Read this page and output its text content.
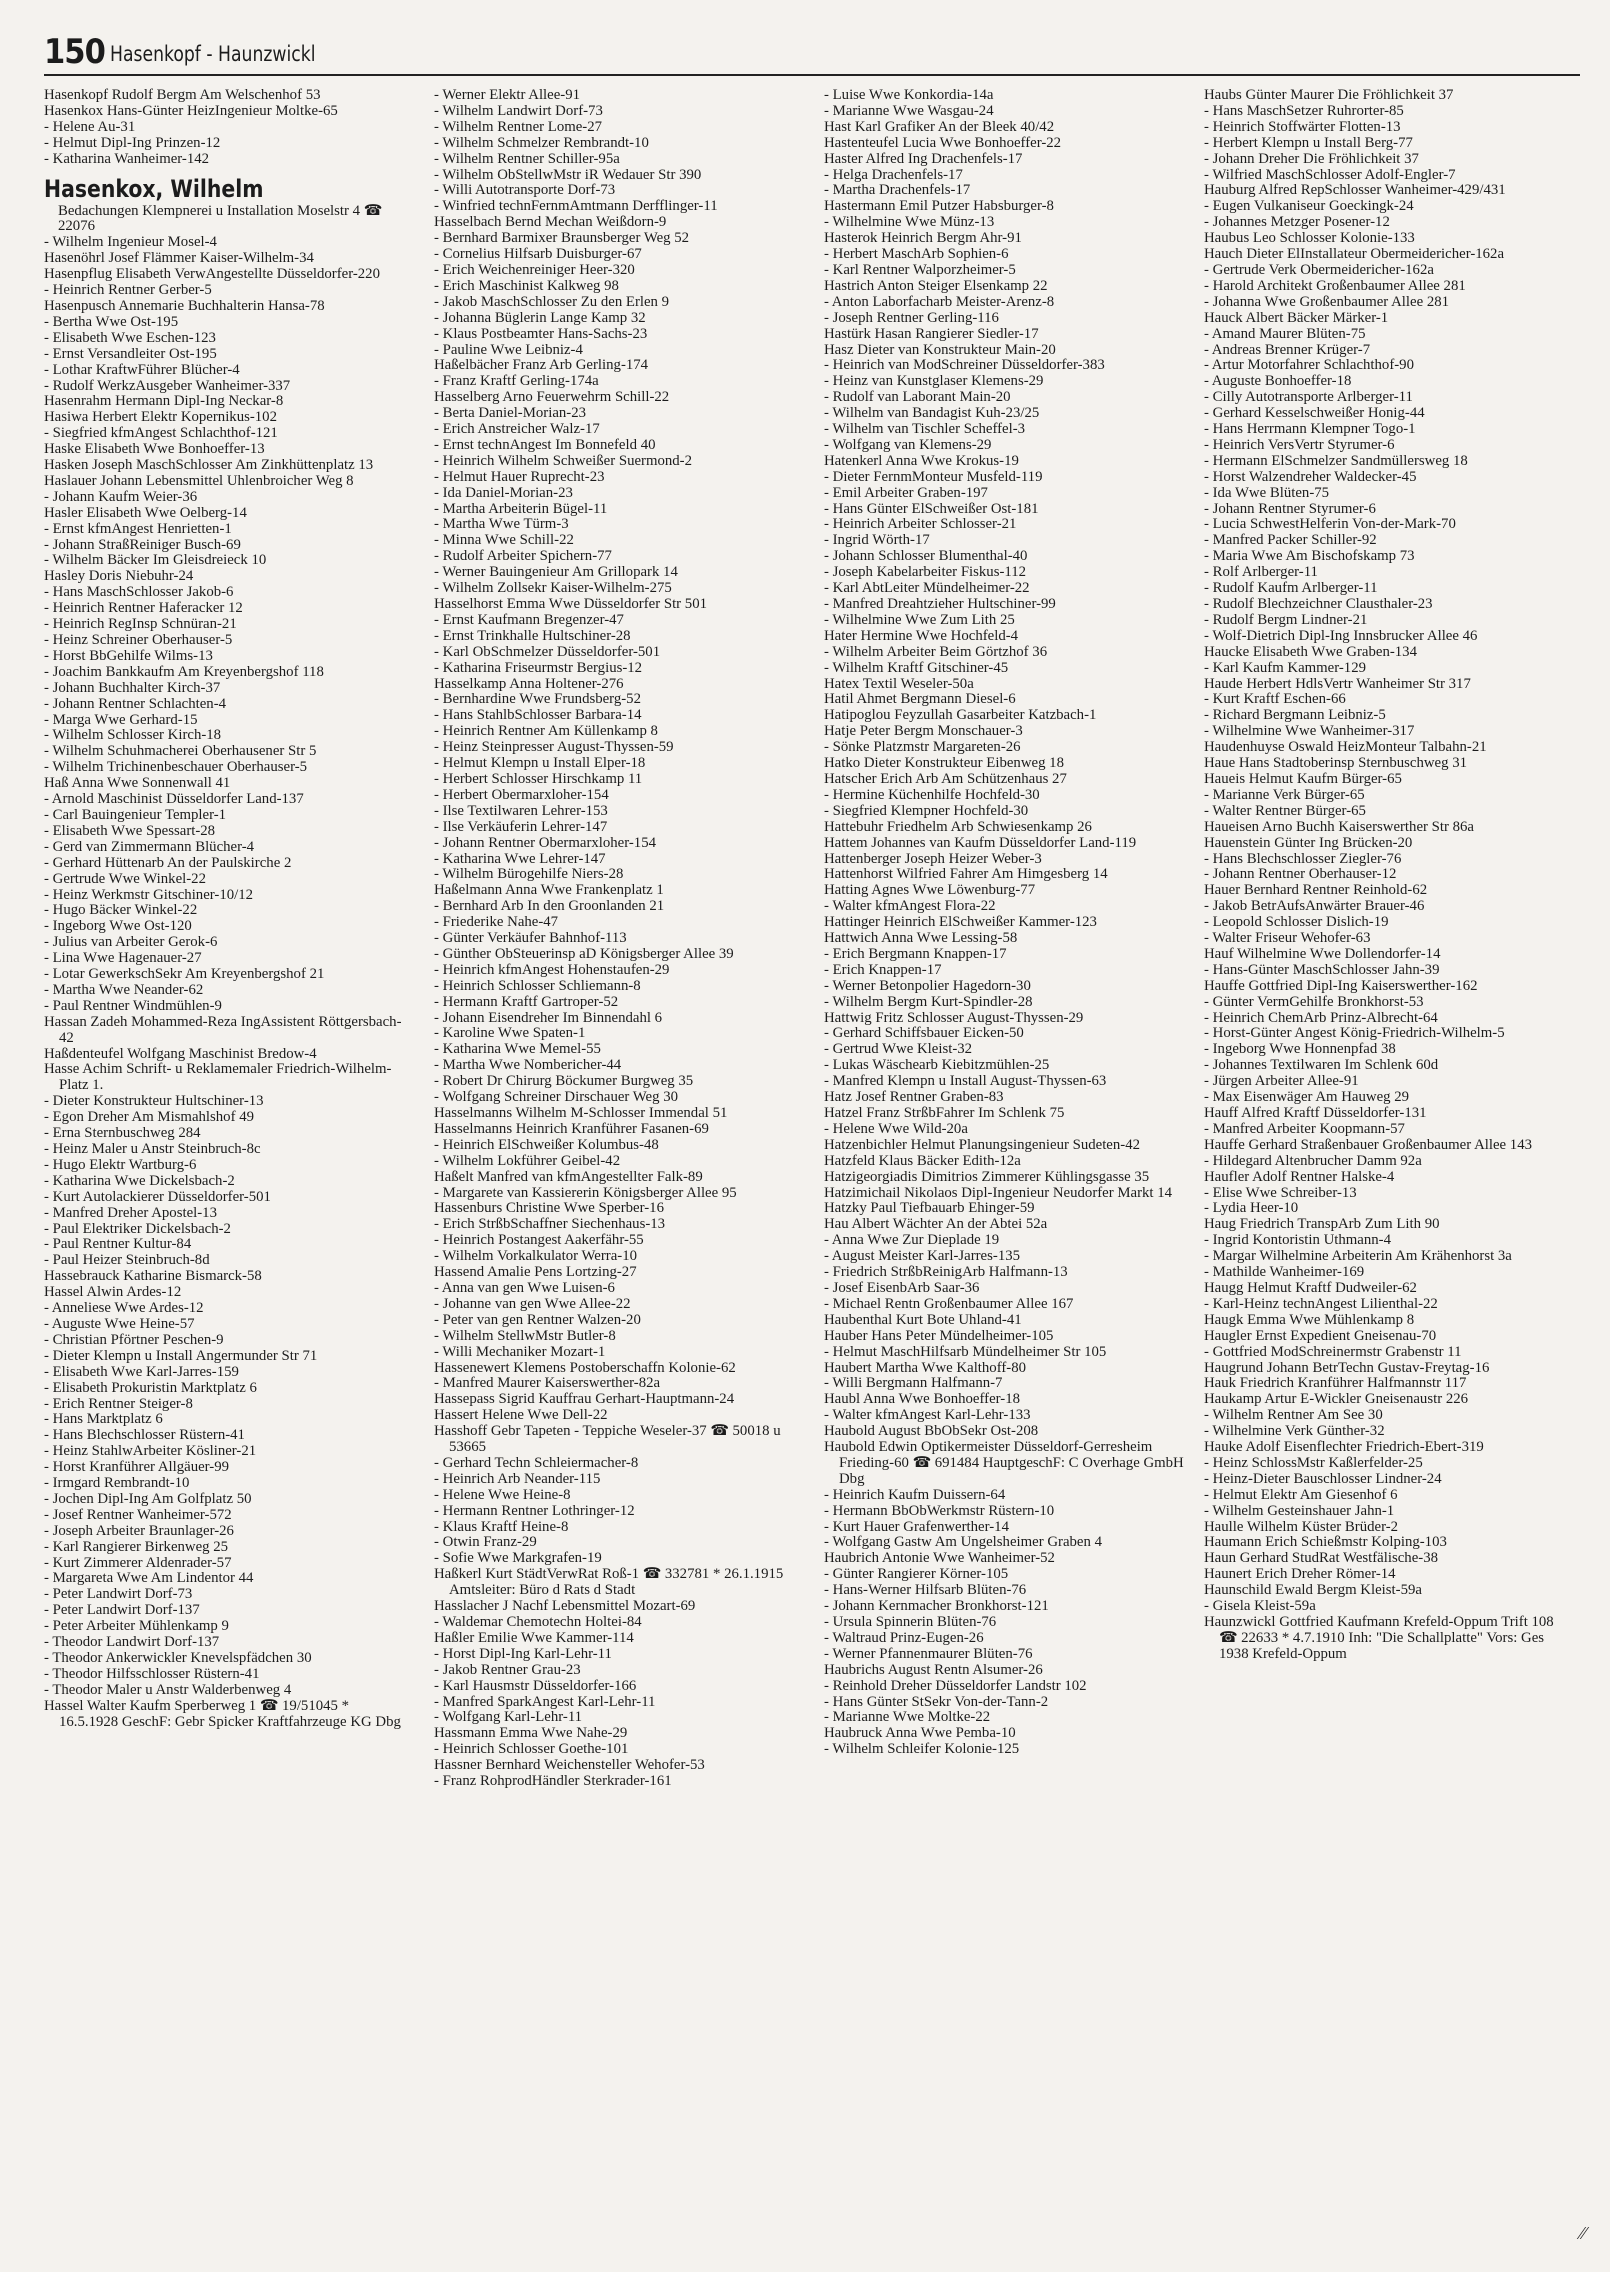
150 Hasenkopf - Haunzwickl
Hasenkopf Rudolf Bergm Am Welschenhof 53
Hasenkox Hans-Günter HeizIngenieur Moltke-65
- Helene Au-31
- Helmut Dipl-Ing Prinzen-12
- Katharina Wanheimer-142
Hasenkox, Wilhelm
Bedachungen Klempnerei u Installation Moselstr 4 ☎ 22076
- Wilhelm Ingenieur Mosel-4
Hasenöhrl Josef Flämmer Kaiser-Wilhelm-34
Hasenpflug Elisabeth VerwAngestellte Düsseldorfer-220
- Heinrich Rentner Gerber-5
Hasenpusch Annemarie Buchhalterin Hansa-78
- Bertha Wwe Ost-195
- Elisabeth Wwe Eschen-123
- Ernst Versandleiter Ost-195
- Lothar KraftwFührer Blücher-4
- Rudolf WerkzAusgeber Wanheimer-337
Hasenrahm Hermann Dipl-Ing Neckar-8
Hasiwa Herbert Elektr Kopernikus-102
- Siegfried kfmAngest Schlachthof-121
Haske Elisabeth Wwe Bonhoeffer-13
Hasken Joseph MaschSchlosser Am Zinkhüttenplatz 13
Haslauer Johann Lebensmittel Uhlenbroicher Weg 8
- Johann Kaufm Weier-36
Hasler Elisabeth Wwe Oelberg-14
- Ernst kfmAngest Henrietten-1
- Johann StraßReiniger Busch-69
- Wilhelm Bäcker Im Gleisdreieck 10
Hasley Doris Niebuhr-24
- Hans MaschSchlosser Jakob-6
- Heinrich Rentner Haferacker 12
- Heinrich RegInsp Schnüran-21
- Heinz Schreiner Oberhauser-5
- Horst BbGehilfe Wilms-13
- Joachim Bankkaufm Am Kreyenbergshof 118
- Johann Buchhalter Kirch-37
- Johann Rentner Schlachten-4
- Marga Wwe Gerhard-15
- Wilhelm Schlosser Kirch-18
- Wilhelm Schuhmacherei Oberhausener Str 5
- Wilhelm Trichinenbeschauer Oberhauser-5
Haß Anna Wwe Sonnenwall 41
- Arnold Maschinist Düsseldorfer Land-137
- Carl Bauingenieur Templer-1
- Elisabeth Wwe Spessart-28
- Gerd van Zimmermann Blücher-4
- Gerhard Hüttenarb An der Paulskirche 2
- Gertrude Wwe Winkel-22
- Heinz Werkmstr Gitschiner-10/12
- Hugo Bäcker Winkel-22
- Ingeborg Wwe Ost-120
- Julius van Arbeiter Gerok-6
- Lina Wwe Hagenauer-27
- Lotar GewerkschSekr Am Kreyenbergshof 21
- Martha Wwe Neander-62
- Paul Rentner Windmühlen-9
Hassan Zadeh Mohammed-Reza IngAssistent Röttgersbach-42
Haßdenteufel Wolfgang Maschinist Bredow-4
Hasse Achim Schrift- u Reklamemaler Friedrich-Wilhelm-Platz 1.
- Dieter Konstrukteur Hultschiner-13
- Egon Dreher Am Mismahlshof 49
- Erna Sternbuschweg 284
- Heinz Maler u Anstr Steinbruch-8c
- Hugo Elektr Wartburg-6
- Katharina Wwe Dickelsbach-2
- Kurt Autolackierer Düsseldorfer-501
- Manfred Dreher Apostel-13
- Paul Elektriker Dickelsbach-2
- Paul Rentner Kultur-84
- Paul Heizer Steinbruch-8d
Hassebrauck Katharine Bismarck-58
Hassel Alwin Ardes-12
- Anneliese Wwe Ardes-12
- Auguste Wwe Heine-57
- Christian Pförtner Peschen-9
- Dieter Klempn u Install Angermunder Str 71
- Elisabeth Wwe Karl-Jarres-159
- Elisabeth Prokuristin Marktplatz 6
- Erich Rentner Steiger-8
- Hans Marktplatz 6
- Hans Blechschlosser Rüstern-41
- Heinz StahlwArbeiter Kösliner-21
- Horst Kranführer Allgäuer-99
- Irmgard Rembrandt-10
- Jochen Dipl-Ing Am Golfplatz 50
- Josef Rentner Wanheimer-572
- Joseph Arbeiter Braunlager-26
- Karl Rangierer Birkenweg 25
- Kurt Zimmerer Aldenrader-57
- Margareta Wwe Am Lindentor 44
- Peter Landwirt Dorf-73
- Peter Landwirt Dorf-137
- Peter Arbeiter Mühlenkamp 9
- Theodor Landwirt Dorf-137
- Theodor Ankerwickler Knevelspfädchen 30
- Theodor Hilfsschlosser Rüstern-41
- Theodor Maler u Anstr Walderbenweg 4
Hassel Walter Kaufm Sperberweg 1 ☎ 19/51045 * 16.5.1928 GeschF: Gebr Spicker Kraftfahrzeuge KG Dbg
- Werner Elektr Allee-91
- Wilhelm Landwirt Dorf-73
- Wilhelm Rentner Lome-27
- Wilhelm Schmelzer Rembrandt-10
- Wilhelm Rentner Schiller-95a
- Wilhelm ObStellwMstr iR Wedauer Str 390
- Willi Autotransporte Dorf-73
- Winfried technFernmAmtmann Derfflinger-11
Hasselbach Bernd Mechan Weißdorn-9
- Bernhard Barmixer Braunsberger Weg 52
- Cornelius Hilfsarb Duisburger-67
- Erich Weichenreiniger Heer-320
- Erich Maschinist Kalkweg 98
- Jakob MaschSchlosser Zu den Erlen 9
- Johanna Büglerin Lange Kamp 32
- Klaus Postbeamter Hans-Sachs-23
- Pauline Wwe Leibniz-4
Haßelbächer Franz Arb Gerling-174
- Franz Kraftf Gerling-174a
Hasselberg Arno Feuerwehrm Schill-22
- Berta Daniel-Morian-23
- Erich Anstreicher Walz-17
- Ernst technAngest Im Bonnefeld 40
- Heinrich Wilhelm Schweißer Suermond-2
- Helmut Hauer Ruprecht-23
- Ida Daniel-Morian-23
- Martha Arbeiterin Bügel-11
- Martha Wwe Türm-3
- Minna Wwe Schill-22
- Rudolf Arbeiter Spichern-77
- Werner Bauingenieur Am Grillopark 14
- Wilhelm Zollsekr Kaiser-Wilhelm-275
Hasselhorst Emma Wwe Düsseldorfer Str 501
- Ernst Kaufmann Bregenzer-47
- Ernst Trinkhalle Hultschiner-28
- Karl ObSchmelzer Düsseldorfer-501
- Katharina Friseurmstr Bergius-12
Hasselkamp Anna Holtener-276
- Bernhardine Wwe Frundsberg-52
- Hans StahlbSchlosser Barbara-14
- Heinrich Rentner Am Küllenkamp 8
- Heinz Steinpresser August-Thyssen-59
- Helmut Klempn u Install Elper-18
- Herbert Schlosser Hirschkamp 11
- Herbert Obermarxloher-154
- Ilse Textilwaren Lehrer-153
- Ilse Verkäuferin Lehrer-147
- Johann Rentner Obermarxloher-154
- Katharina Wwe Lehrer-147
- Wilhelm Bürogehilfe Niers-28
Haßelmann Anna Wwe Frankenplatz 1
- Bernhard Arb In den Groonlanden 21
- Friederike Nahe-47
- Günter Verkäufer Bahnhof-113
- Günther ObSteuerinsp aD Königsberger Allee 39
- Heinrich kfmAngest Hohenstaufen-29
- Heinrich Schlosser Schliemann-8
- Hermann Kraftf Gartroper-52
- Johann Eisendreher Im Binnendahl 6
- Karoline Wwe Spaten-1
- Katharina Wwe Memel-55
- Martha Wwe Nombericher-44
- Robert Dr Chirurg Böckumer Burgweg 35
- Wolfgang Schreiner Dirschauer Weg 30
Hasselmanns Wilhelm M-Schlosser Immendal 51
Hasselmanns Heinrich Kranführer Fasanen-69
- Heinrich ElSchweißer Kolumbus-48
- Wilhelm Lokführer Geibel-42
Haßelt Manfred van kfmAngestellter Falk-89
- Margarete van Kassiererin Königsberger Allee 95
Hassenburs Christine Wwe Sperber-16
- Erich StrßbSchaffner Siechenhaus-13
- Heinrich Postangest Aakerfähr-55
- Wilhelm Vorkalkulator Werra-10
Hassend Amalie Pens Lortzing-27
- Anna van gen Wwe Luisen-6
- Johanne van gen Wwe Allee-22
- Peter van gen Rentner Walzen-20
- Wilhelm StellwMstr Butler-8
- Willi Mechaniker Mozart-1
Hassenewert Klemens Postoberschaffn Kolonie-62
- Manfred Maurer Kaiserswerther-82a
Hassepass Sigrid Kauffrau Gerhart-Hauptmann-24
Hassert Helene Wwe Dell-22
Hasshoff Gebr Tapeten - Teppiche Weseler-37 ☎ 50018 u 53665
- Gerhard Techn Schleiermacher-8
- Heinrich Arb Neander-115
- Helene Wwe Heine-8
- Hermann Rentner Lothringer-12
- Klaus Kraftf Heine-8
- Otwin Franz-29
- Sofie Wwe Markgrafen-19
Haßkerl Kurt StädtVerwRat Roß-1 ☎ 332781 * 26.1.1915 Amtsleiter: Büro d Rats d Stadt
Hasslacher J Nachf Lebensmittel Mozart-69
- Waldemar Chemotechn Holtei-84
Haßler Emilie Wwe Kammer-114
- Horst Dipl-Ing Karl-Lehr-11
- Jakob Rentner Grau-23
- Karl Hausmstr Düsseldorfer-166
- Manfred SparkAngest Karl-Lehr-11
- Wolfgang Karl-Lehr-11
Hassmann Emma Wwe Nahe-29
- Heinrich Schlosser Goethe-101
Hassner Bernhard Weichensteller Wehofer-53
- Franz RohprodHändler Sterkrader-161
- Luise Wwe Konkordia-14a
- Marianne Wwe Wasgau-24
Hast Karl Grafiker An der Bleek 40/42
Hastenteufel Lucia Wwe Bonhoeffer-22
Haster Alfred Ing Drachenfels-17
- Helga Drachenfels-17
- Martha Drachenfels-17
Hastermann Emil Putzer Habsburger-8
- Wilhelmine Wwe Münz-13
Hasterok Heinrich Bergm Ahr-91
- Herbert MaschArb Sophien-6
- Karl Rentner Walporzheimer-5
Hastrich Anton Steiger Elsenkamp 22
- Anton Laborfacharb Meister-Arenz-8
- Joseph Rentner Gerling-116
Hastürk Hasan Rangierer Siedler-17
Hasz Dieter van Konstrukteur Main-20
- Heinrich van ModSchreiner Düsseldorfer-383
- Heinz van Kunstglaser Klemens-29
- Rudolf van Laborant Main-20
- Wilhelm van Bandagist Kuh-23/25
- Wilhelm van Tischler Scheffel-3
- Wolfgang van Klemens-29
Hatenkerl Anna Wwe Krokus-19
- Dieter FernmMonteur Musfeld-119
- Emil Arbeiter Graben-197
- Hans Günter ElSchweißer Ost-181
- Heinrich Arbeiter Schlosser-21
- Ingrid Wörth-17
- Johann Schlosser Blumenthal-40
- Joseph Kabelarbeiter Fiskus-112
- Karl AbtLeiter Mündelheimer-22
- Manfred Dreahtzieher Hultschiner-99
- Wilhelmine Wwe Zum Lith 25
Hater Hermine Wwe Hochfeld-4
- Wilhelm Arbeiter Beim Görtzhof 36
- Wilhelm Kraftf Gitschiner-45
Hatex Textil Weseler-50a
Hatil Ahmet Bergmann Diesel-6
Hatipoglou Feyzullah Gasarbeiter Katzbach-1
Hatje Peter Bergm Monschauer-3
- Sönke Platzmstr Margareten-26
Hatko Dieter Konstrukteur Eibenweg 18
Hatscher Erich Arb Am Schützenhaus 27
- Hermine Küchenhilfe Hochfeld-30
- Siegfried Klempner Hochfeld-30
Hattebuhr Friedhelm Arb Schwiesenkamp 26
Hattem Johannes van Kaufm Düsseldorfer Land-119
Hattenberger Joseph Heizer Weber-3
Hattenhorst Wilfried Fahrer Am Himgesberg 14
Hatting Agnes Wwe Löwenburg-77
- Walter kfmAngest Flora-22
Hattinger Heinrich ElSchweißer Kammer-123
Hattwich Anna Wwe Lessing-58
- Erich Bergmann Knappen-17
- Erich Knappen-17
- Werner Betonpolier Hagedorn-30
- Wilhelm Bergm Kurt-Spindler-28
Hattwig Fritz Schlosser August-Thyssen-29
- Gerhard Schiffsbauer Eicken-50
- Gertrud Wwe Kleist-32
- Lukas Wäschearb Kiebitzmühlen-25
- Manfred Klempn u Install August-Thyssen-63
Hatz Josef Rentner Graben-83
Hatzel Franz StrßbFahrer Im Schlenk 75
- Helene Wwe Wild-20a
Hatzenbichler Helmut Planungsingenieur Sudeten-42
Hatzfeld Klaus Bäcker Edith-12a
Hatzigeorgiadis Dimitrios Zimmerer Kühlingsgasse 35
Hatzimichail Nikolaos Dipl-Ingenieur Neudorfer Markt 14
Hatzky Paul Tiefbauarb Ehinger-59
Hau Albert Wächter An der Abtei 52a
- Anna Wwe Zur Dieplade 19
- August Meister Karl-Jarres-135
- Friedrich StrßbReinigArb Halfmann-13
- Josef EisenbArb Saar-36
- Michael Rentn Großenbaumer Allee 167
Haubenthal Kurt Bote Uhland-41
Hauber Hans Peter Mündelheimer-105
- Helmut MaschHilfsarb Mündelheimer Str 105
Haubert Martha Wwe Kalthoff-80
- Willi Bergmann Halfmann-7
Haubl Anna Wwe Bonhoeffer-18
- Walter kfmAngest Karl-Lehr-133
Haubold August BbObSekr Ost-208
Haubold Edwin Optikermeister Düsseldorf-Gerresheim Frieding-60 ☎ 691484 HauptgeschF: C Overhage GmbH Dbg
- Heinrich Kaufm Duissern-64
- Hermann BbObWerkmstr Rüstern-10
- Kurt Hauer Grafenwerther-14
- Wolfgang Gastw Am Ungelsheimer Graben 4
Haubrich Antonie Wwe Wanheimer-52
- Günter Rangierer Körner-105
- Hans-Werner Hilfsarb Blüten-76
- Johann Kernmacher Bronkhorst-121
- Ursula Spinnerin Blüten-76
- Waltraud Prinz-Eugen-26
- Werner Pfannenmaurer Blüten-76
Haubrichs August Rentn Alsumer-26
- Reinhold Dreher Düsseldorfer Landstr 102
- Hans Günter StSekr Von-der-Tann-2
- Marianne Wwe Moltke-22
Haubruck Anna Wwe Pemba-10
- Wilhelm Schleifer Kolonie-125
Haubs Günter Maurer Die Fröhlichkeit 37
- Hans MaschSetzer Ruhrorter-85
- Heinrich Stoffwärter Flotten-13
- Herbert Klempn u Install Berg-77
- Johann Dreher Die Fröhlichkeit 37
- Wilfried MaschSchlosser Adolf-Engler-7
Hauburg Alfred RepSchlosser Wanheimer-429/431
- Eugen Vulkaniseur Goeckingk-24
- Johannes Metzger Posener-12
Haubus Leo Schlosser Kolonie-133
Hauch Dieter ElInstallateur Obermeidericher-162a
- Gertrude Verk Obermeidericher-162a
- Harold Architekt Großenbaumer Allee 281
- Johanna Wwe Großenbaumer Allee 281
Hauck Albert Bäcker Märker-1
- Amand Maurer Blüten-75
- Andreas Brenner Krüger-7
- Artur Motorfahrer Schlachthof-90
- Auguste Bonhoeffer-18
- Cilly Autotransporte Arlberger-11
- Gerhard Kesselschweißer Honig-44
- Hans Herrmann Klempner Togo-1
- Heinrich VersVertr Styrumer-6
- Hermann ElSchmelzer Sandmüllersweg 18
- Horst Walzendreher Waldecker-45
- Ida Wwe Blüten-75
- Johann Rentner Styrumer-6
- Lucia SchwestHelferin Von-der-Mark-70
- Manfred Packer Schiller-92
- Maria Wwe Am Bischofskamp 73
- Rolf Arlberger-11
- Rudolf Kaufm Arlberger-11
- Rudolf Blechzeichner Clausthaler-23
- Rudolf Bergm Lindner-21
- Wolf-Dietrich Dipl-Ing Innsbrucker Allee 46
Haucke Elisabeth Wwe Graben-134
- Karl Kaufm Kammer-129
Haude Herbert HdlsVertr Wanheimer Str 317
- Kurt Kraftf Eschen-66
- Richard Bergmann Leibniz-5
- Wilhelmine Wwe Wanheimer-317
Haudenhuyse Oswald HeizMonteur Talbahn-21
Haue Hans Stadtoberinsp Sternbuschweg 31
Haueis Helmut Kaufm Bürger-65
- Marianne Verk Bürger-65
- Walter Rentner Bürger-65
Haueisen Arno Buchh Kaiserswerther Str 86a
Hauenstein Günter Ing Brücken-20
- Hans Blechschlosser Ziegler-76
- Johann Rentner Oberhauser-12
Hauer Bernhard Rentner Reinhold-62
- Jakob BetrAufsAnwärter Brauer-46
- Leopold Schlosser Dislich-19
- Walter Friseur Wehofer-63
Hauf Wilhelmine Wwe Dollendorfer-14
- Hans-Günter MaschSchlosser Jahn-39
Hauffe Gottfried Dipl-Ing Kaiserswerther-162
- Günter VermGehilfe Bronkhorst-53
- Heinrich ChemArb Prinz-Albrecht-64
- Horst-Günter Angest König-Friedrich-Wilhelm-5
- Ingeborg Wwe Honnenpfad 38
- Johannes Textilwaren Im Schlenk 60d
- Jürgen Arbeiter Allee-91
- Max Eisenwäger Am Hauweg 29
Hauff Alfred Kraftf Düsseldorfer-131
- Manfred Arbeiter Koopmann-57
Hauffe Gerhard Straßenbauer Großenbaumer Allee 143
- Hildegard Altenbrucher Damm 92a
Haufler Adolf Rentner Halske-4
- Elise Wwe Schreiber-13
- Lydia Heer-10
Haug Friedrich TranspArb Zum Lith 90
- Ingrid Kontoristin Uthmann-4
- Margar Wilhelmine Arbeiterin Am Krähenhorst 3a
- Mathilde Wanheimer-169
Haugg Helmut Kraftf Dudweiler-62
- Karl-Heinz technAngest Lilienthal-22
Haugk Emma Wwe Mühlenkamp 8
Haugler Ernst Expedient Gneisenau-70
- Gottfried ModSchreinermstr Grabenstr 11
Haugrund Johann BetrTechn Gustav-Freytag-16
Hauk Friedrich Kranführer Halfmannstr 117
Haukamp Artur E-Wickler Gneisenaustr 226
- Wilhelm Rentner Am See 30
- Wilhelmine Verk Günther-32
Hauke Adolf Eisenflechter Friedrich-Ebert-319
- Heinz SchlossMstr Kaßlerfelder-25
- Heinz-Dieter Bauschlosser Lindner-24
- Helmut Elektr Am Giesenhof 6
- Wilhelm Gesteinshauer Jahn-1
Haulle Wilhelm Küster Brüder-2
Haumann Erich Schießmstr Kolping-103
Haun Gerhard StudRat Westfälische-38
Haunert Erich Dreher Römer-14
Haunschild Ewald Bergm Kleist-59a
- Gisela Kleist-59a
Haunzwickl Gottfried Kaufmann Krefeld-Oppum Trift 108 ☎ 22633 * 4.7.1910 Inh: "Die Schallplatte" Vors: Ges 1938 Krefeld-Oppum
⁄⁄
